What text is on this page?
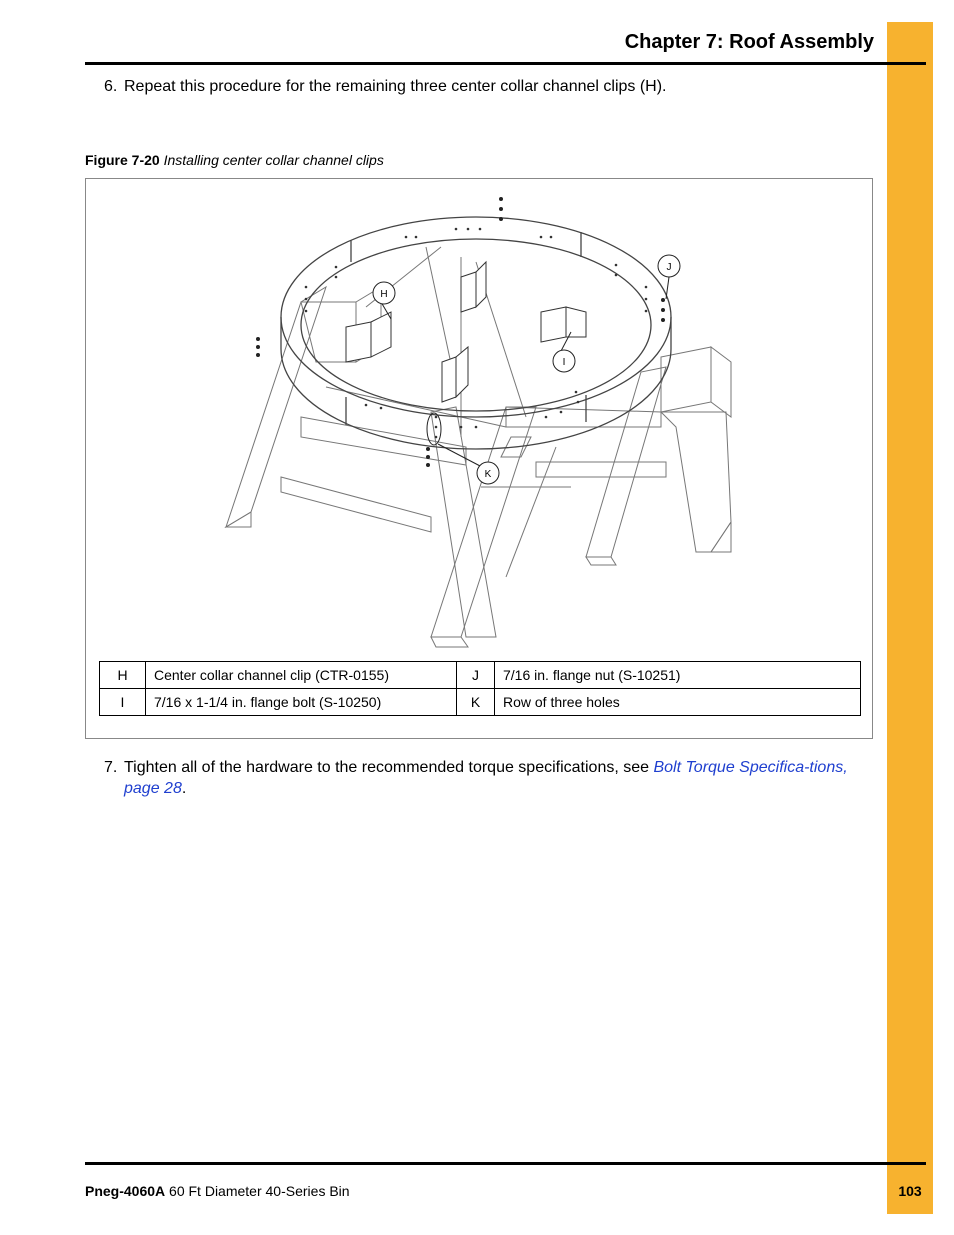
Chapter 7: Roof Assembly
6. Repeat this procedure for the remaining three center collar channel clips (H).
Figure 7-20 Installing center collar channel clips
H
I
J
K
H	Center collar channel clip (CTR-0155)	J	7/16 in. flange nut (S-10251)
I	7/16 x 1-1/4 in. flange bolt (S-10250)	K	Row of three holes
7. Tighten all of the hardware to the recommended torque specifications, see Bolt Torque Specifica-tions, page 28.
Pneg-4060A 60 Ft Diameter 40-Series Bin	103
